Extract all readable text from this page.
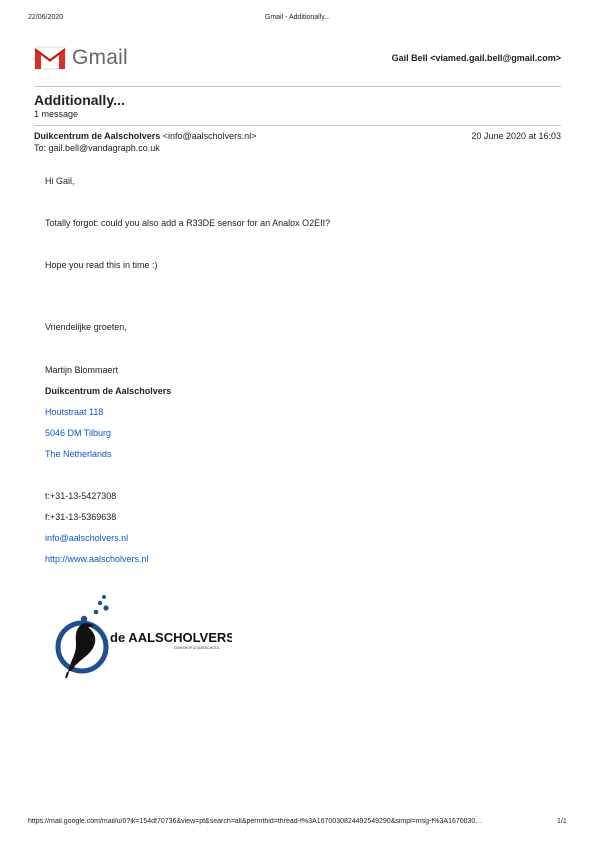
22/06/2020	Gmail - Additionally...
Gmail	Gail Bell <viamed.gail.bell@gmail.com>
Additionally...
1 message
Duikcentrum de Aalscholvers <info@aalscholvers.nl>	20 June 2020 at 16:03
To: gail.bell@vandagraph.co.uk
Hi Gail,
Totally forgot: could you also add a R33DE sensor for an Analox O2EII?
Hope you read this in time :)
Vriendelijke groeten,
Martijn Blommaert
Duikcentrum de Aalscholvers
Houtstraat 118
5046 DM Tilburg
The Netherlands
t:+31-13-5427308
f:+31-13-5369638
info@aalscholvers.nl
http://www.aalscholvers.nl
de AALSCHOLVERS
DUIKSHOP & DUIKSCHOOL
https://mail.google.com/mail/u/0?ik=154df70736&view=pt&search=all&permthid=thread-f%3A1670030824492549290&simpl=msg-f%3A1670030…	1/1
